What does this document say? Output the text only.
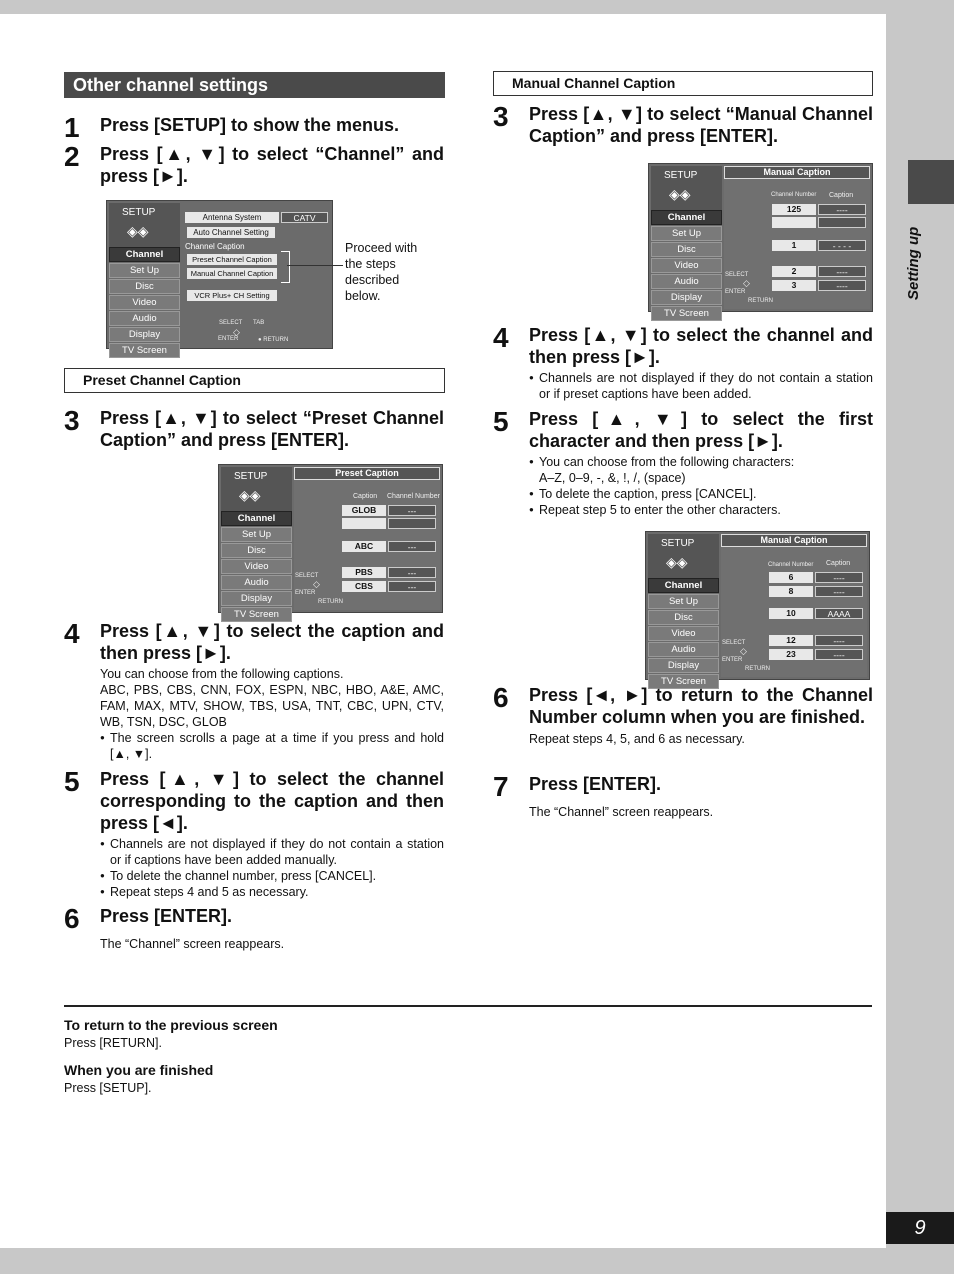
Setting up
9
Other channel settings
1	Press [SETUP] to show the menus.
2	Press [▲, ▼] to select “Channel” and press [►].
SETUP
◈◈
Channel
Set Up
Disc
Video
Audio
Display
TV Screen
Antenna System	CATV
Auto Channel Setting
Channel Caption
Preset Channel Caption
Manual Channel Caption
VCR Plus+ CH Setting
SELECT TAB
◇
ENTER	● RETURN
Proceed with the steps described below.
Preset Channel Caption
3	Press [▲, ▼] to select “Preset Channel Caption” and press [ENTER].
SETUP
◈◈
Channel
Set Up
Disc
Video
Audio
Display
TV Screen
Preset Caption
Caption Channel Number
GLOB	---
ABC	---
PBS	---
CBS	---
SELECT
◇
ENTER
RETURN
4	Press [▲, ▼] to select the caption and then press [►].
You can choose from the following captions.
ABC, PBS, CBS, CNN, FOX, ESPN, NBC, HBO, A&E, AMC, FAM, MAX, MTV, SHOW, TBS, USA, TNT, CBC, UPN, CTV, WB, TSN, DSC, GLOB
● The screen scrolls a page at a time if you press and hold [▲, ▼].
5	Press [▲, ▼] to select the channel corresponding to the caption and then press [◄].
● Channels are not displayed if they do not contain a station or if captions have been added manually.
● To delete the channel number, press [CANCEL].
● Repeat steps 4 and 5 as necessary.
6	Press [ENTER].
The “Channel” screen reappears.
Manual Channel Caption
3	Press [▲, ▼] to select “Manual Channel Caption” and press [ENTER].
SETUP
◈◈
Channel
Set Up
Disc
Video
Audio
Display
TV Screen
Manual Caption
Channel Number Caption
125	----
1	- - - -
2	----
3	----
SELECT
◇
ENTER
RETURN
4	Press [▲, ▼] to select the channel and then press [►].
● Channels are not displayed if they do not contain a station or if preset captions have been added.
5	Press [▲, ▼] to select the first character and then press [►].
● You can choose from the following characters:
A–Z, 0–9, -, &, !, /, (space)
● To delete the caption, press [CANCEL].
● Repeat step 5 to enter the other characters.
SETUP
◈◈
Channel
Set Up
Disc
Video
Audio
Display
TV Screen
Manual Caption
Channel Number Caption
6	----
8	----
10	AAAA
12	----
23	----
SELECT
◇
ENTER
RETURN
6	Press [◄, ►] to return to the Channel Number column when you are finished.
Repeat steps 4, 5, and 6 as necessary.
7	Press [ENTER].
The “Channel” screen reappears.
To return to the previous screen
Press [RETURN].
When you are finished
Press [SETUP].
